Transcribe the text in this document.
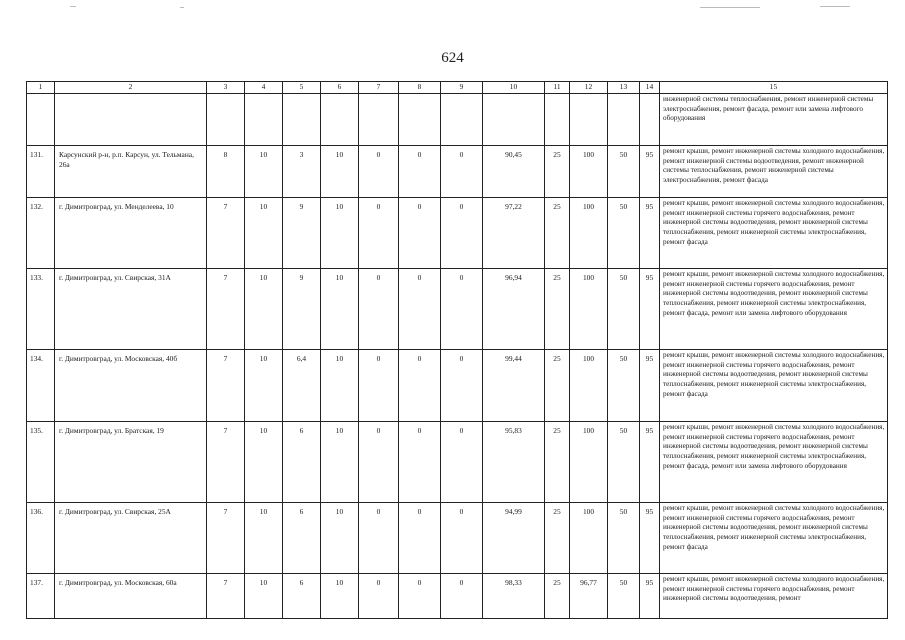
624
1	2	3	4	5	6	7	8	9	10	11	12	13	14	15
														инженерной системы теплоснабжения, ремонт инженерной системы электроснабжения, ремонт фасада, ремонт или замена лифтового оборудования
131.	Карсунский р-н, р.п. Карсун, ул. Тельмана, 26а	8	10	3	10	0	0	0	90,45	25	100	50	95	ремонт крыши, ремонт инженерной системы холодного водоснабжения, ремонт инженерной системы водоотведения, ремонт инженерной системы теплоснабжения, ремонт инженерной системы электроснабжения, ремонт фасада
132.	г. Димитровград, ул. Менделеева, 10	7	10	9	10	0	0	0	97,22	25	100	50	95	ремонт крыши, ремонт инженерной системы холодного водоснабжения, ремонт инженерной системы горячего водоснабжения, ремонт инженерной системы водоотведения, ремонт инженерной системы теплоснабжения, ремонт инженерной системы электроснабжения, ремонт фасада
133.	г. Димитровград, ул. Свирская, 31А	7	10	9	10	0	0	0	96,94	25	100	50	95	ремонт крыши, ремонт инженерной системы холодного водоснабжения, ремонт инженерной системы горячего водоснабжения, ремонт инженерной системы водоотведения, ремонт инженерной системы теплоснабжения, ремонт инженерной системы электроснабжения, ремонт фасада, ремонт или замена лифтового оборудования
134.	г. Димитровград, ул. Московская, 40б	7	10	6,4	10	0	0	0	99,44	25	100	50	95	ремонт крыши, ремонт инженерной системы холодного водоснабжения, ремонт инженерной системы горячего водоснабжения, ремонт инженерной системы водоотведения, ремонт инженерной системы теплоснабжения, ремонт инженерной системы электроснабжения, ремонт фасада
135.	г. Димитровград, ул. Братская, 19	7	10	6	10	0	0	0	95,83	25	100	50	95	ремонт крыши, ремонт инженерной системы холодного водоснабжения, ремонт инженерной системы горячего водоснабжения, ремонт инженерной системы водоотведения, ремонт инженерной системы теплоснабжения, ремонт инженерной системы электроснабжения, ремонт фасада, ремонт или замена лифтового оборудования
136.	г. Димитровград, ул. Свирская, 25А	7	10	6	10	0	0	0	94,99	25	100	50	95	ремонт крыши, ремонт инженерной системы холодного водоснабжения, ремонт инженерной системы горячего водоснабжения, ремонт инженерной системы водоотведения, ремонт инженерной системы теплоснабжения, ремонт инженерной системы электроснабжения, ремонт фасада
137.	г. Димитровград, ул. Московская, 60а	7	10	6	10	0	0	0	98,33	25	96,77	50	95	ремонт крыши, ремонт инженерной системы холодного водоснабжения, ремонт инженерной системы горячего водоснабжения, ремонт инженерной системы водоотведения, ремонт
